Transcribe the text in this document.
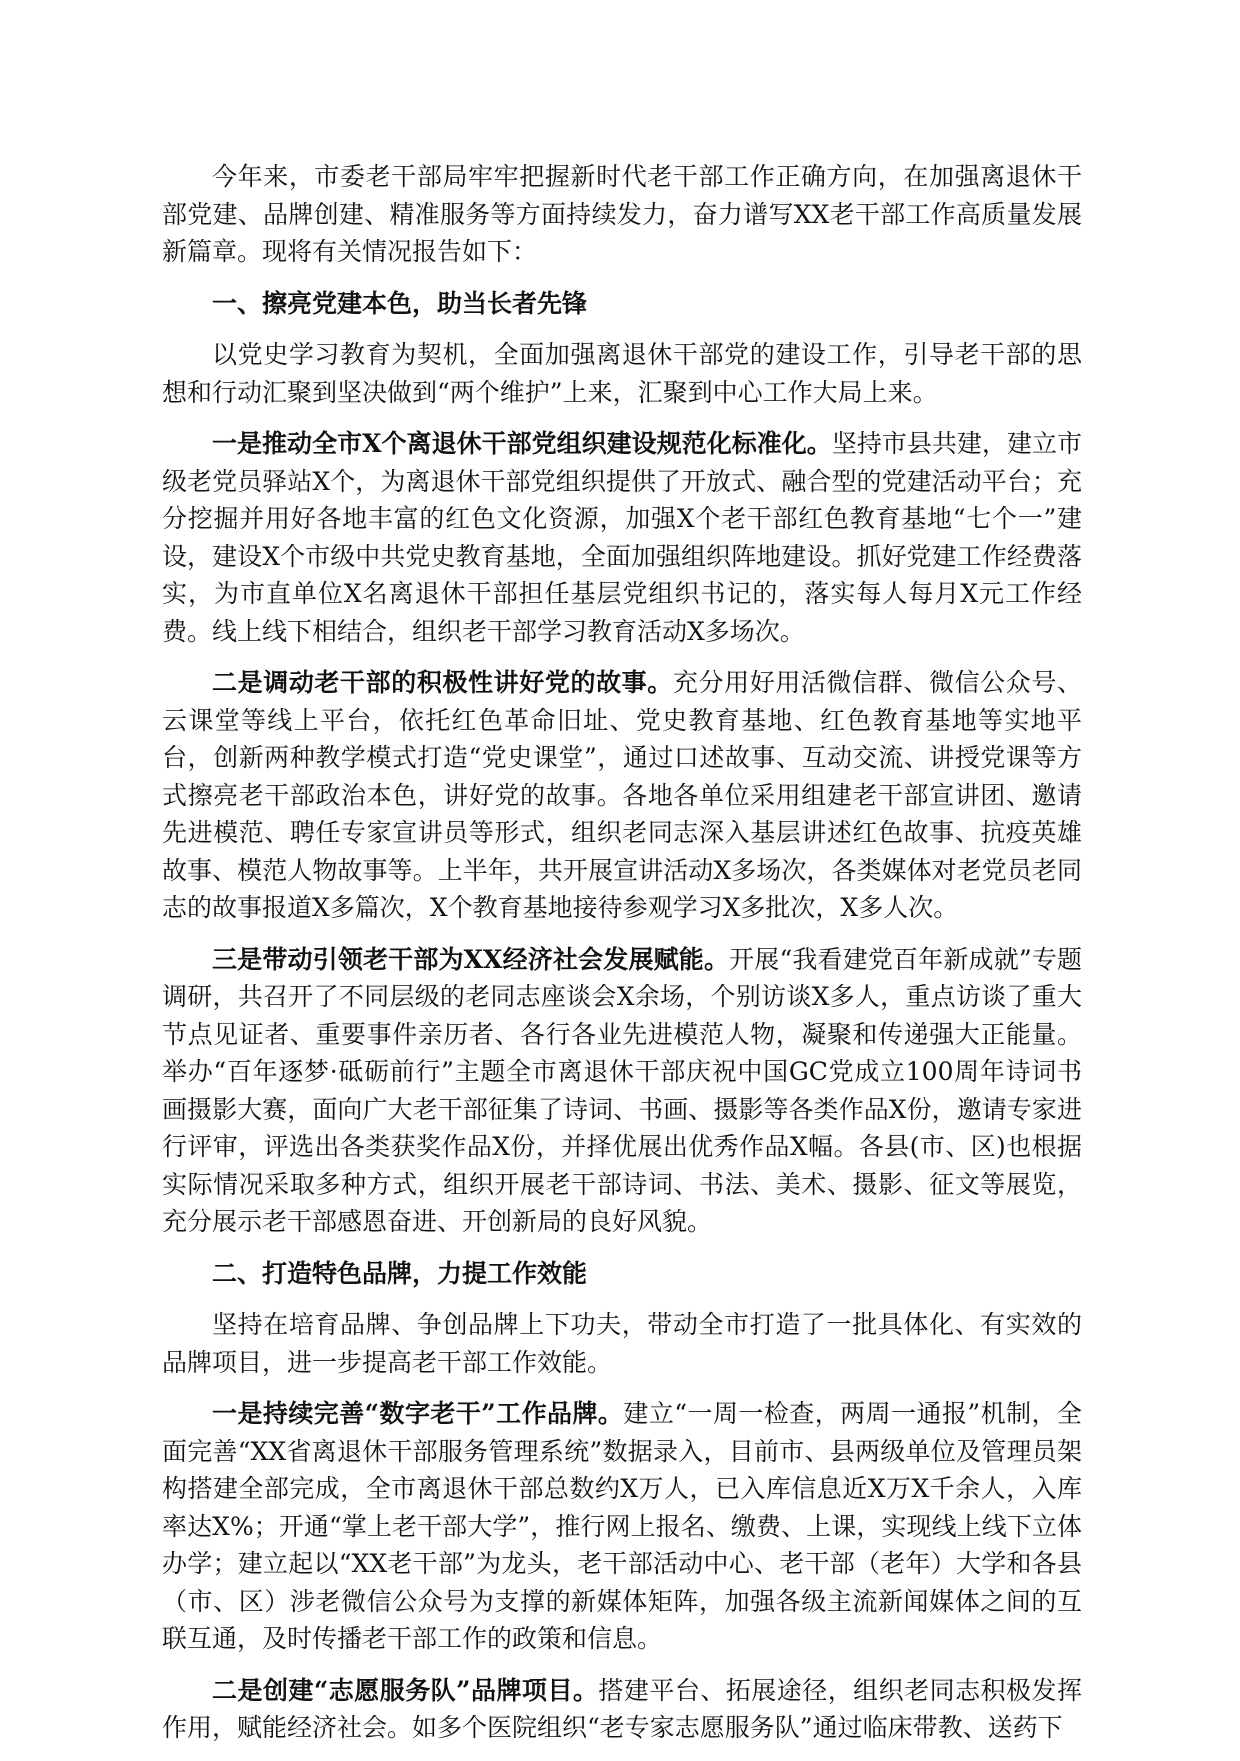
今年来，市委老干部局牢牢把握新时代老干部工作正确方向，在加强离退休干部党建、品牌创建、精准服务等方面持续发力，奋力谱写XX老干部工作高质量发展新篇章。现将有关情况报告如下：

一、擦亮党建本色，助当长者先锋

以党史学习教育为契机，全面加强离退休干部党的建设工作，引导老干部的思想和行动汇聚到坚决做到“两个维护”上来，汇聚到中心工作大局上来。

一是推动全市X个离退休干部党组织建设规范化标准化。坚持市县共建，建立市级老党员驿站X个，为离退休干部党组织提供了开放式、融合型的党建活动平台；充分挖掘并用好各地丰富的红色文化资源，加强X个老干部红色教育基地“七个一”建设，建设X个市级中共党史教育基地，全面加强组织阵地建设。抓好党建工作经费落实，为市直单位X名离退休干部担任基层党组织书记的，落实每人每月X元工作经费。线上线下相结合，组织老干部学习教育活动X多场次。

二是调动老干部的积极性讲好党的故事。充分用好用活微信群、微信公众号、云课堂等线上平台，依托红色革命旧址、党史教育基地、红色教育基地等实地平台，创新两种教学模式打造“党史课堂”，通过口述故事、互动交流、讲授党课等方式擦亮老干部政治本色，讲好党的故事。各地各单位采用组建老干部宣讲团、邀请先进模范、聘任专家宣讲员等形式，组织老同志深入基层讲述红色故事、抗疫英雄故事、模范人物故事等。上半年，共开展宣讲活动X多场次，各类媒体对老党员老同志的故事报道X多篇次，X个教育基地接待参观学习X多批次，X多人次。

三是带动引领老干部为XX经济社会发展赋能。开展“我看建党百年新成就”专题调研，共召开了不同层级的老同志座谈会X余场，个别访谈X多人，重点访谈了重大节点见证者、重要事件亲历者、各行各业先进模范人物，凝聚和传递强大正能量。举办“百年逐梦·砥砺前行”主题全市离退休干部庆祝中国GC党成立100周年诗词书画摄影大赛，面向广大老干部征集了诗词、书画、摄影等各类作品X份，邀请专家进行评审，评选出各类获奖作品X份，并择优展出优秀作品X幅。各县(市、区)也根据实际情况采取多种方式，组织开展老干部诗词、书法、美术、摄影、征文等展览，充分展示老干部感恩奋进、开创新局的良好风貌。

二、打造特色品牌，力提工作效能

坚持在培育品牌、争创品牌上下功夫，带动全市打造了一批具体化、有实效的品牌项目，进一步提高老干部工作效能。

一是持续完善“数字老干”工作品牌。建立“一周一检查，两周一通报”机制，全面完善“XX省离退休干部服务管理系统”数据录入，目前市、县两级单位及管理员架构搭建全部完成，全市离退休干部总数约X万人，已入库信息近X万X千余人，入库率达X%；开通“掌上老干部大学”，推行网上报名、缴费、上课，实现线上线下立体办学；建立起以“XX老干部”为龙头，老干部活动中心、老干部（老年）大学和各县（市、区）涉老微信公众号为支撑的新媒体矩阵，加强各级主流新闻媒体之间的互联互通，及时传播老干部工作的政策和信息。

二是创建“志愿服务队”品牌项目。搭建平台、拓展途径，组织老同志积极发挥作用，赋能经济社会。如多个医院组织“老专家志愿服务队”通过临床带教、送药下
